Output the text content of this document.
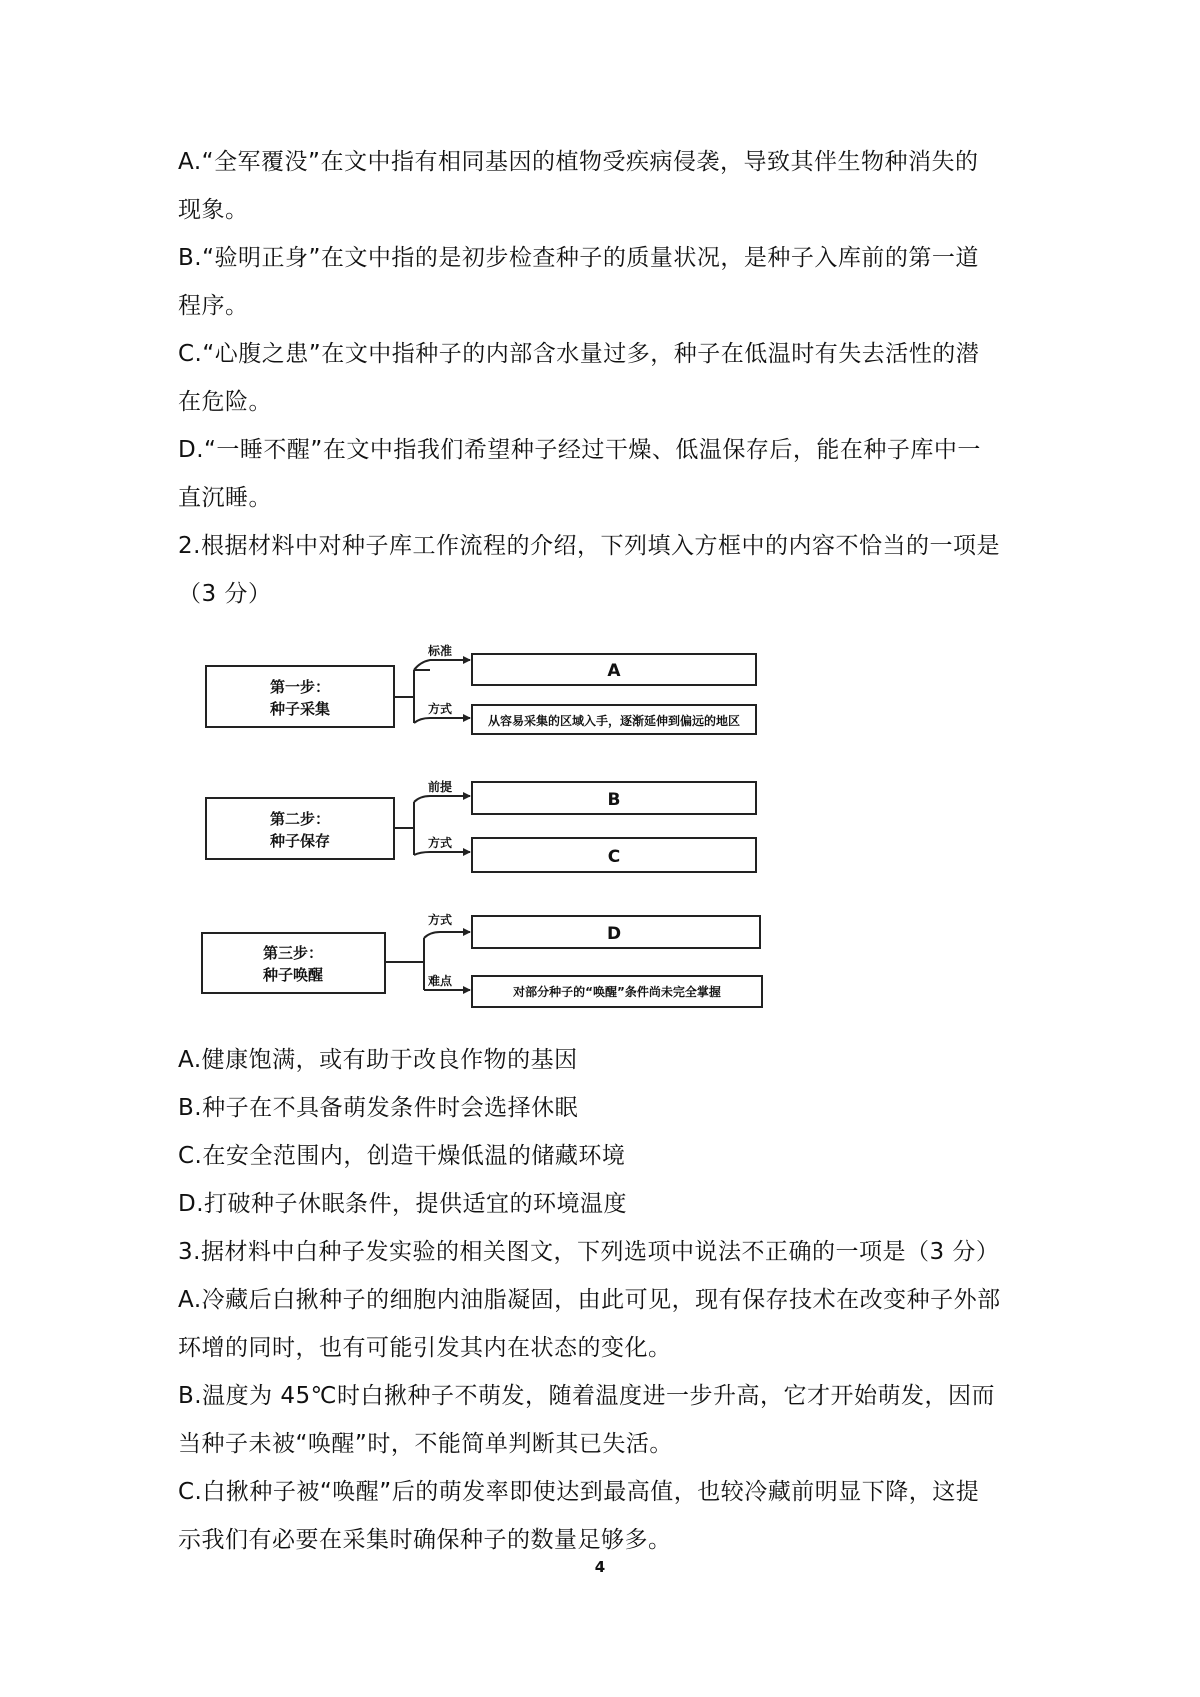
A.“全军覆没”在文中指有相同基因的植物受疾病侵袭，导致其伴生物种消失的
现象。

B.“验明正身”在文中指的是初步检查种子的质量状况，是种子入库前的第一道
程序。

C.“心腹之患”在文中指种子的内部含水量过多，种子在低温时有失去活性的潜
在危险。

D.“一睡不醒”在文中指我们希望种子经过干燥、低温保存后，能在种子库中一
直沉睡。

2.根据材料中对种子库工作流程的介绍，下列填入方框中的内容不恰当的一项是
（3 分）

第一步：
种子采集
标准
方式
A
从容易采集的区域入手，逐渐延伸到偏远的地区
第二步：
种子保存
前提
方式
B
C
第三步：
种子唤醒
方式
难点
D
对部分种子的“唤醒”条件尚未完全掌握

A.健康饱满，或有助于改良作物的基因

B.种子在不具备萌发条件时会选择休眠

C.在安全范围内，创造干燥低温的储藏环境

D.打破种子休眠条件，提供适宜的环境温度

3.据材料中白种子发实验的相关图文，下列选项中说法不正确的一项是（3 分）

A.冷藏后白揪种子的细胞内油脂凝固，由此可见，现有保存技术在改变种子外部
环增的同时，也有可能引发其内在状态的变化。

B.温度为 45℃时白揪种子不萌发，随着温度进一步升高，它才开始萌发，因而
当种子未被“唤醒”时，不能简单判断其已失活。

C.白揪种子被“唤醒”后的萌发率即使达到最高值，也较冷藏前明显下降，这提
示我们有必要在采集时确保种子的数量足够多。

4
